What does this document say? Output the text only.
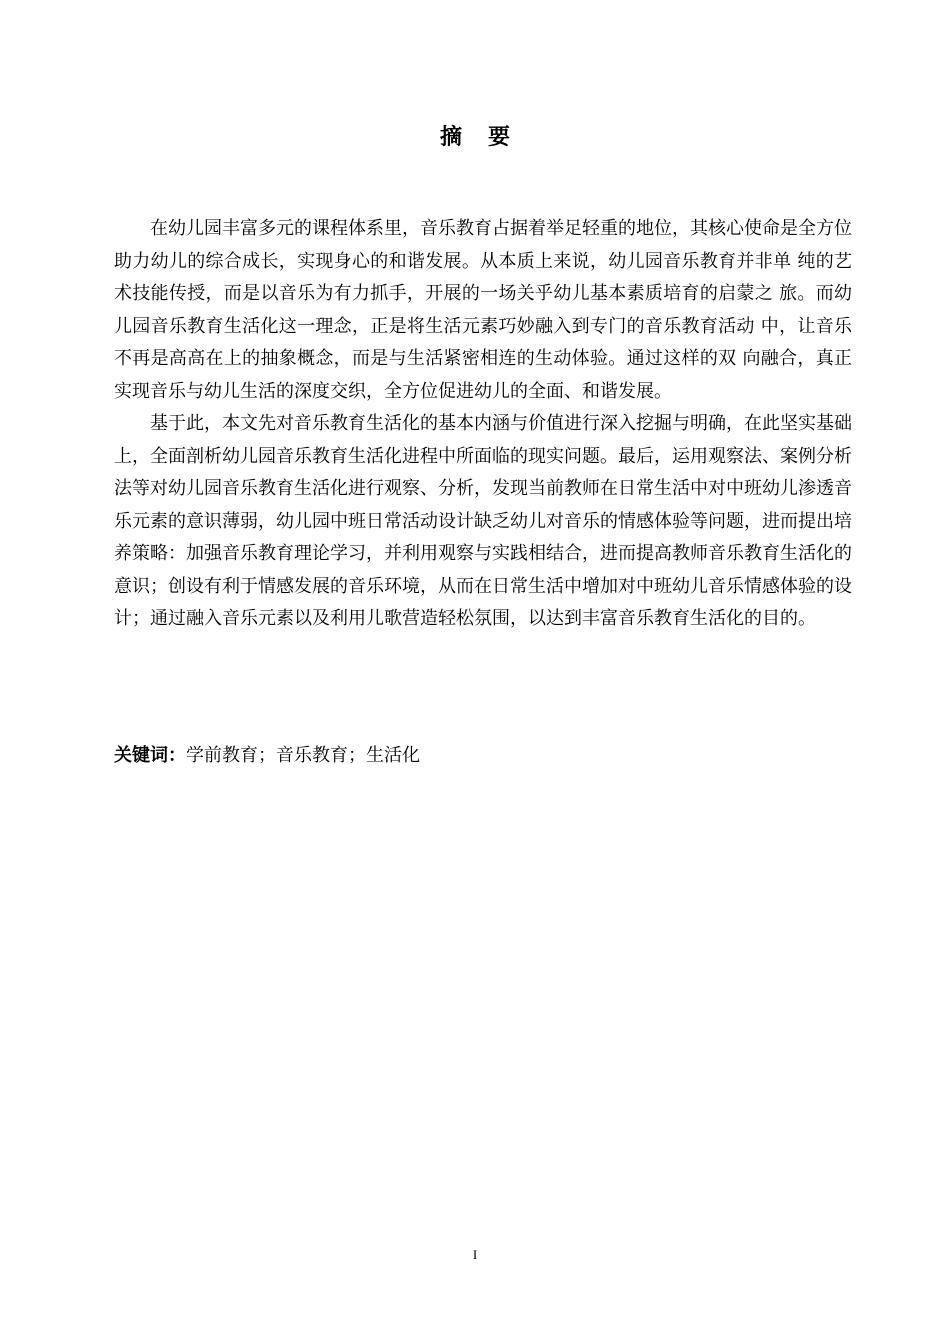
摘要

在幼儿园丰富多元的课程体系里，音乐教育占据着举足轻重的地位，其核心使命是全方位助力幼儿的综合成长，实现身心的和谐发展。从本质上来说，幼儿园音乐教育并非单 纯的艺术技能传授，而是以音乐为有力抓手，开展的一场关乎幼儿基本素质培育的启蒙之 旅。而幼儿园音乐教育生活化这一理念，正是将生活元素巧妙融入到专门的音乐教育活动 中，让音乐不再是高高在上的抽象概念，而是与生活紧密相连的生动体验。通过这样的双 向融合，真正实现音乐与幼儿生活的深度交织，全方位促进幼儿的全面、和谐发展。

基于此，本文先对音乐教育生活化的基本内涵与价值进行深入挖掘与明确，在此坚实基础上，全面剖析幼儿园音乐教育生活化进程中所面临的现实问题。最后，运用观察法、案例分析法等对幼儿园音乐教育生活化进行观察、分析，发现当前教师在日常生活中对中班幼儿渗透音乐元素的意识薄弱，幼儿园中班日常活动设计缺乏幼儿对音乐的情感体验等问题，进而提出培养策略：加强音乐教育理论学习，并利用观察与实践相结合，进而提高教师音乐教育生活化的意识；创设有利于情感发展的音乐环境，从而在日常生活中增加对中班幼儿音乐情感体验的设计；通过融入音乐元素以及利用儿歌营造轻松氛围，以达到丰富音乐教育生活化的目的。

关键词：学前教育；音乐教育；生活化
I
